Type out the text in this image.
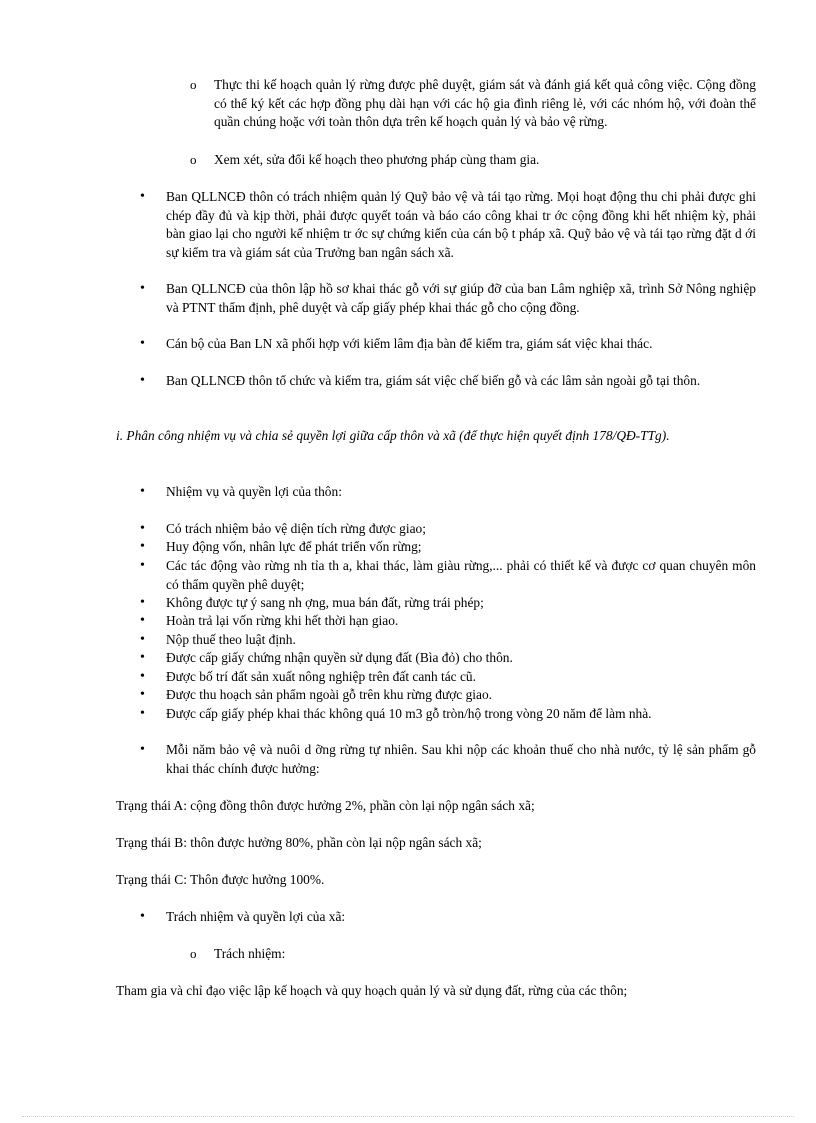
o Thực thi kế hoạch quản lý rừng được phê duyệt, giám sát và đánh giá kết quả công việc. Cộng đồng có thể ký kết các hợp đồng phụ dài hạn với các hộ gia đình riêng lẻ, với các nhóm hộ, với đoàn thể quần chúng hoặc với toàn thôn dựa trên kế hoạch quản lý và bảo vệ rừng.
o Xem xét, sửa đổi kế hoạch theo phương pháp cùng tham gia.
• Ban QLLNCĐ thôn có trách nhiệm quản lý Quỹ bảo vệ và tái tạo rừng. Mọi hoạt động thu chi phải được ghi chép đầy đủ và kịp thời, phải được quyết toán và báo cáo công khai tr ớc cộng đồng khi hết nhiệm kỳ, phải bàn giao lại cho người kế nhiệm tr ớc sự chứng kiến của cán bộ t pháp xã. Quỹ bảo vệ và tái tạo rừng đặt d ới sự kiểm tra và giám sát của Trưởng ban ngân sách xã.
• Ban QLLNCĐ của thôn lập hồ sơ khai thác gỗ với sự giúp đỡ của ban Lâm nghiệp xã, trình Sở Nông nghiệp và PTNT thẩm định, phê duyệt và cấp giấy phép khai thác gỗ cho cộng đồng.
• Cán bộ của Ban LN xã phối hợp với kiểm lâm địa bàn để kiểm tra, giám sát việc khai thác.
• Ban QLLNCĐ thôn tổ chức và kiểm tra, giám sát việc chế biến gỗ và các lâm sản ngoài gỗ tại thôn.
i. Phân công nhiệm vụ và chia sẻ quyền lợi giữa cấp thôn và xã (để thực hiện quyết định 178/QĐ-TTg).
• Nhiệm vụ và quyền lợi của thôn:
• Có trách nhiệm bảo vệ diện tích rừng được giao;
• Huy động vốn, nhân lực để phát triển vốn rừng;
• Các tác động vào rừng nh tỉa th a, khai thác, làm giàu rừng,... phải có thiết kế và được cơ quan chuyên môn có thẩm quyền phê duyệt;
• Không được tự ý sang nh ợng, mua bán đất, rừng trái phép;
• Hoàn trả lại vốn rừng khi hết thời hạn giao.
• Nộp thuế theo luật định.
• Được cấp giấy chứng nhận quyền sử dụng đất (Bìa đỏ) cho thôn.
• Được bố trí đất sản xuất nông nghiệp trên đất canh tác cũ.
• Được thu hoạch sản phẩm ngoài gỗ trên khu rừng được giao.
• Được cấp giấy phép khai thác không quá 10 m3 gỗ tròn/hộ trong vòng 20 năm để làm nhà.
• Mỗi năm bảo vệ và nuôi d ỡng rừng tự nhiên. Sau khi nộp các khoản thuế cho nhà nước, tỷ lệ sản phẩm gỗ khai thác chính được hưởng:
Trạng thái A: cộng đồng thôn được hưởng 2%, phần còn lại nộp ngân sách xã;
Trạng thái B: thôn được hưởng 80%, phần còn lại nộp ngân sách xã;
Trạng thái C: Thôn được hưởng 100%.
• Trách nhiệm và quyền lợi của xã:
o Trách nhiệm:
Tham gia và chỉ đạo việc lập kế hoạch và quy hoạch quản lý và sử dụng đất, rừng của các thôn;
